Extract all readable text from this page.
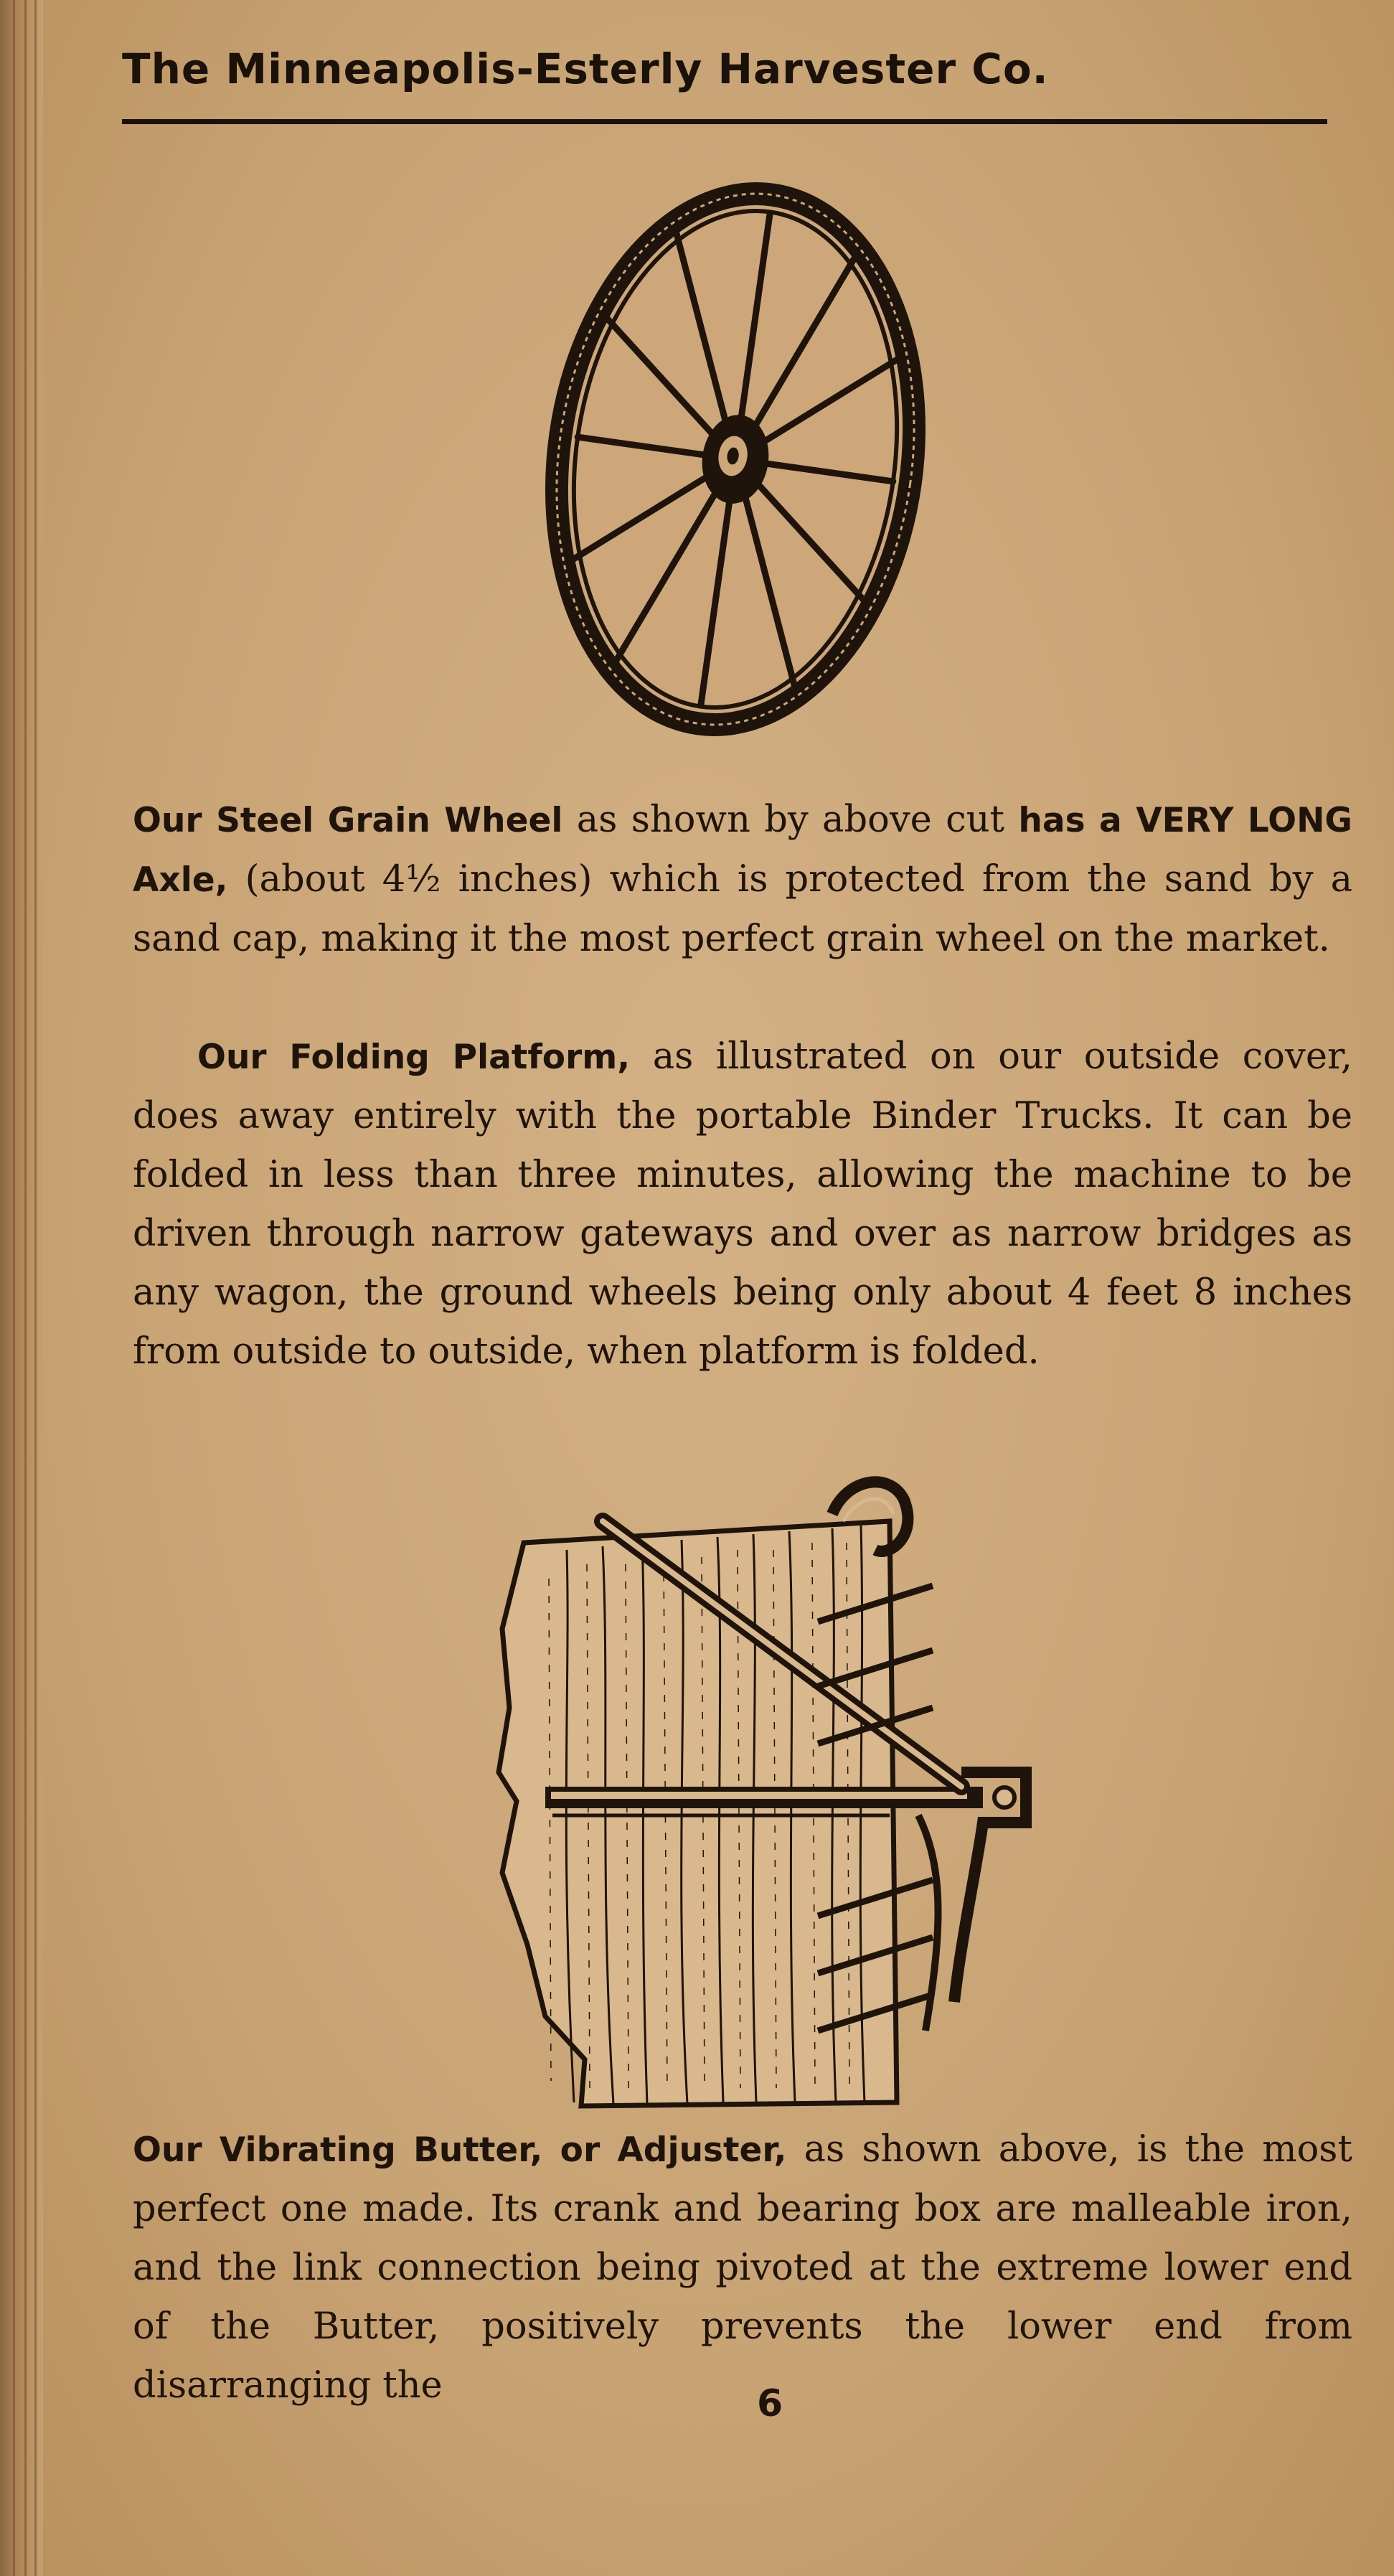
The Minneapolis-Esterly Harvester Co.
Our Steel Grain Wheel as shown by above cut has a VERY LONG Axle, (about 4½ inches) which is protected from the sand by a sand cap, making it the most perfect grain wheel on the market.
Our Folding Platform, as illustrated on our outside cover, does away entirely with the portable Binder Trucks. It can be folded in less than three minutes, allowing the machine to be driven through narrow gateways and over as narrow bridges as any wagon, the ground wheels being only about 4 feet 8 inches from outside to outside, when platform is folded.
Our Vibrating Butter, or Adjuster, as shown above, is the most perfect one made. Its crank and bearing box are malleable iron, and the link connection being pivoted at the extreme lower end of the Butter, positively prevents the lower end from disarranging the	6
